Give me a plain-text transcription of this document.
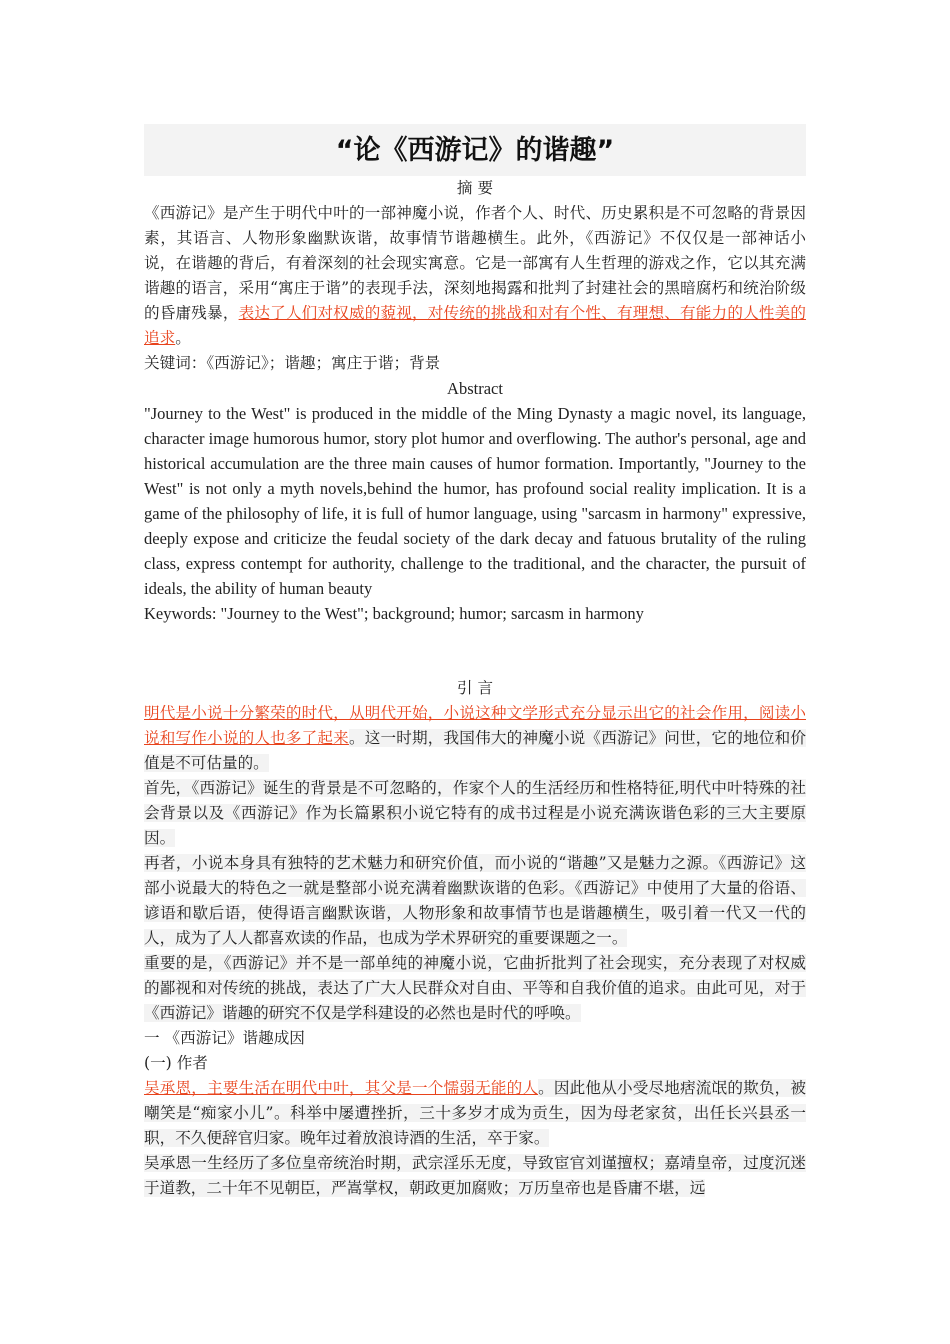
“论《西游记》的谐趣”
摘 要

《西游记》是产生于明代中叶的一部神魔小说，作者个人、时代、历史累积是不可忽略的背景因素，其语言、人物形象幽默诙谐，故事情节谐趣横生。此外，《西游记》不仅仅是一部神话小说，在谐趣的背后，有着深刻的社会现实寓意。它是一部寓有人生哲理的游戏之作，它以其充满谐趣的语言，采用“寓庄于谐”的表现手法，深刻地揭露和批判了封建社会的黑暗腐朽和统治阶级的昏庸残暴，表达了人们对权威的藐视，对传统的挑战和对有个性、有理想、有能力的人性美的追求。

关键词：《西游记》；谐趣；寓庄于谐；背景

Abstract

"Journey to the West" is produced in the middle of the Ming Dynasty a magic novel, its language, character image humorous humor, story plot humor and overflowing. The author's personal, age and historical accumulation are the three main causes of humor formation. Importantly, "Journey to the West" is not only a myth novels,behind the humor, has profound social reality implication. It is a game of the philosophy of life, it is full of humor language, using "sarcasm in harmony" expressive, deeply expose and criticize the feudal society of the dark decay and fatuous brutality of the ruling class, express contempt for authority, challenge to the traditional, and the character, the pursuit of ideals, the ability of human beauty

Keywords: "Journey to the West"; background; humor; sarcasm in harmony

引 言

明代是小说十分繁荣的时代，从明代开始，小说这种文学形式充分显示出它的社会作用，阅读小说和写作小说的人也多了起来。这一时期，我国伟大的神魔小说《西游记》问世，它的地位和价值是不可估量的。

首先，《西游记》诞生的背景是不可忽略的，作家个人的生活经历和性格特征,明代中叶特殊的社会背景以及《西游记》作为长篇累积小说它特有的成书过程是小说充满诙谐色彩的三大主要原因。

再者，小说本身具有独特的艺术魅力和研究价值，而小说的“谐趣”又是魅力之源。《西游记》这部小说最大的特色之一就是整部小说充满着幽默诙谐的色彩。《西游记》中使用了大量的俗语、谚语和歇后语，使得语言幽默诙谐，人物形象和故事情节也是谐趣横生，吸引着一代又一代的人，成为了人人都喜欢读的作品，也成为学术界研究的重要课题之一。

重要的是，《西游记》并不是一部单纯的神魔小说，它曲折批判了社会现实，充分表现了对权威的鄙视和对传统的挑战，表达了广大人民群众对自由、平等和自我价值的追求。由此可见，对于《西游记》谐趣的研究不仅是学科建设的必然也是时代的呼唤。

一 《西游记》谐趣成因

(一) 作者

吴承恩，主要生活在明代中叶，其父是一个懦弱无能的人。因此他从小受尽地痞流氓的欺负，被嘲笑是“痴家小儿”。科举中屡遭挫折，三十多岁才成为贡生，因为母老家贫，出任长兴县丞一职，不久便辞官归家。晚年过着放浪诗酒的生活，卒于家。

吴承恩一生经历了多位皇帝统治时期，武宗淫乐无度，导致宦官刘谨擅权；嘉靖皇帝，过度沉迷于道教，二十年不见朝臣，严嵩掌权，朝政更加腐败；万历皇帝也是昏庸不堪，远
